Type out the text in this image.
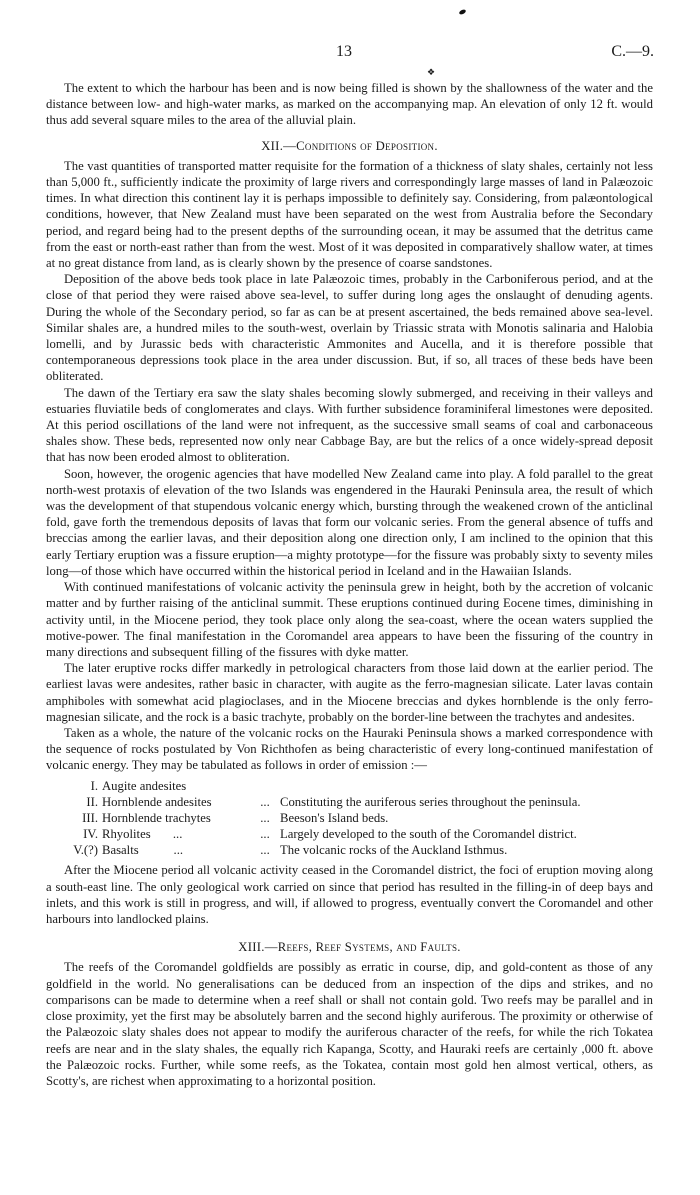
13	C.—9.
❖

The extent to which the harbour has been and is now being filled is shown by the shallowness of the water and the distance between low- and high-water marks, as marked on the accompanying map. An elevation of only 12 ft. would thus add several square miles to the area of the alluvial plain.

XII.—Conditions of Deposition.

The vast quantities of transported matter requisite for the formation of a thickness of slaty shales, certainly not less than 5,000 ft., sufficiently indicate the proximity of large rivers and correspondingly large masses of land in Palæozoic times. In what direction this continent lay it is perhaps impossible to definitely say. Considering, from palæontological conditions, however, that New Zealand must have been separated on the west from Australia before the Secondary period, and regard being had to the present depths of the surrounding ocean, it may be assumed that the detritus came from the east or north-east rather than from the west. Most of it was deposited in comparatively shallow water, at times at no great distance from land, as is clearly shown by the presence of coarse sandstones.

Deposition of the above beds took place in late Palæozoic times, probably in the Carboniferous period, and at the close of that period they were raised above sea-level, to suffer during long ages the onslaught of denuding agents. During the whole of the Secondary period, so far as can be at present ascertained, the beds remained above sea-level. Similar shales are, a hundred miles to the south-west, overlain by Triassic strata with Monotis salinaria and Halobia lomelli, and by Jurassic beds with characteristic Ammonites and Aucella, and it is therefore possible that contemporaneous depressions took place in the area under discussion. But, if so, all traces of these beds have been obliterated.

The dawn of the Tertiary era saw the slaty shales becoming slowly submerged, and receiving in their valleys and estuaries fluviatile beds of conglomerates and clays. With further subsidence foraminiferal limestones were deposited. At this period oscillations of the land were not infrequent, as the successive small seams of coal and carbonaceous shales show. These beds, represented now only near Cabbage Bay, are but the relics of a once widely-spread deposit that has now been eroded almost to obliteration.

Soon, however, the orogenic agencies that have modelled New Zealand came into play. A fold parallel to the great north-west protaxis of elevation of the two Islands was engendered in the Hauraki Peninsula area, the result of which was the development of that stupendous volcanic energy which, bursting through the weakened crown of the anticlinal fold, gave forth the tremendous deposits of lavas that form our volcanic series. From the general absence of tuffs and breccias among the earlier lavas, and their deposition along one direction only, I am inclined to the opinion that this early Tertiary eruption was a fissure eruption—a mighty prototype—for the fissure was probably sixty to seventy miles long—of those which have occurred within the historical period in Iceland and in the Hawaiian Islands.

With continued manifestations of volcanic activity the peninsula grew in height, both by the accretion of volcanic matter and by further raising of the anticlinal summit. These eruptions continued during Eocene times, diminishing in activity until, in the Miocene period, they took place only along the sea-coast, where the ocean waters supplied the motive-power. The final manifestation in the Coromandel area appears to have been the fissuring of the country in many directions and subsequent filling of the fissures with dyke matter.

The later eruptive rocks differ markedly in petrological characters from those laid down at the earlier period. The earliest lavas were andesites, rather basic in character, with augite as the ferro-magnesian silicate. Later lavas contain amphiboles with somewhat acid plagioclases, and in the Miocene breccias and dykes hornblende is the only ferro-magnesian silicate, and the rock is a basic trachyte, probably on the border-line between the trachytes and andesites.

Taken as a whole, the nature of the volcanic rocks on the Hauraki Peninsula shows a marked correspondence with the sequence of rocks postulated by Von Richthofen as being characteristic of every long-continued manifestation of volcanic energy. They may be tabulated as follows in order of emission :—

I. Augite andesites
II. Hornblende andesites	... Constituting the auriferous series throughout the peninsula.
III. Hornblende trachytes	... Beeson's Island beds.
IV. Rhyolites ...	... Largely developed to the south of the Coromandel district.
V.(?) Basalts	...	... The volcanic rocks of the Auckland Isthmus.

After the Miocene period all volcanic activity ceased in the Coromandel district, the foci of eruption moving along a south-east line. The only geological work carried on since that period has resulted in the filling-in of deep bays and inlets, and this work is still in progress, and will, if allowed to progress, eventually convert the Coromandel and other harbours into landlocked plains.

XIII.—Reefs, Reef Systems, and Faults.

The reefs of the Coromandel goldfields are possibly as erratic in course, dip, and gold-content as those of any goldfield in the world. No generalisations can be deduced from an inspection of the dips and strikes, and no comparisons can be made to determine when a reef shall or shall not contain gold. Two reefs may be parallel and in close proximity, yet the first may be absolutely barren and the second highly auriferous. The proximity or otherwise of the Palæozoic slaty shales does not appear to modify the auriferous character of the reefs, for while the rich Tokatea reefs are near and in the slaty shales, the equally rich Kapanga, Scotty, and Hauraki reefs are certainly ,000 ft. above the Palæozoic rocks. Further, while some reefs, as the Tokatea, contain most gold hen almost vertical, others, as Scotty's, are richest when approximating to a horizontal position.
